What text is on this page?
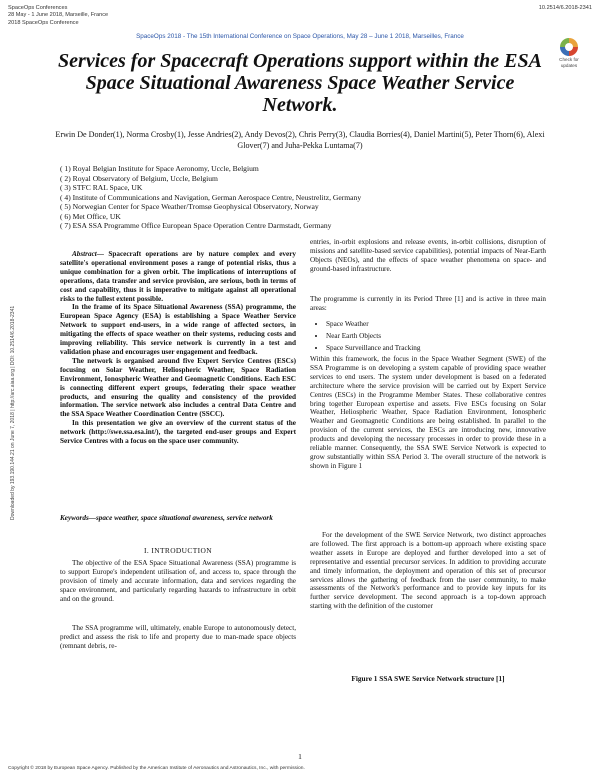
SpaceOps Conferences
28 May - 1 June 2018, Marseille, France
2018 SpaceOps Conference
10.2514/6.2018-2341
SpaceOps 2018 - The 15th International Conference on Space Operations, May 28 – June 1 2018, Marseilles, France
Check for
updates
Downloaded by 193.190.144.21 on June 7, 2018 | http://arc.aiaa.org | DOI: 10.2514/6.2018-2341
Services for Spacecraft Operations support within the ESA Space Situational Awareness Space Weather Service Network.
Erwin De Donder(1), Norma Crosby(1), Jesse Andries(2), Andy Devos(2), Chris Perry(3), Claudia Borries(4), Daniel Martini(5), Peter Thorn(6), Alexi Glover(7) and Juha-Pekka Luntama(7)
( 1) Royal Belgian Institute for Space Aeronomy, Uccle, Belgium
( 2) Royal Observatory of Belgium, Uccle, Belgium
( 3) STFC RAL Space, UK
( 4) Institute of Communications and Navigation, German Aerospace Centre, Neustrelitz, Germany
( 5) Norwegian Center for Space Weather/Tromsø Geophysical Observatory, Norway
( 6) Met Office, UK
( 7) ESA SSA Programme Office European Space Operation Centre Darmstadt, Germany

Abstract— Spacecraft operations are by nature complex and every satellite's operational environment poses a range of potential risks, thus a unique combination for a given orbit. The implications of interruptions of operations, data transfer and service provision, are serious, both in terms of cost and capability, thus it is imperative to mitigate against all operational risks to the fullest extent possible.

In the frame of its Space Situational Awareness (SSA) programme, the European Space Agency (ESA) is establishing a Space Weather Service Network to support end-users, in a wide range of affected sectors, in mitigating the effects of space weather on their systems, reducing costs and improving reliability. This service network is currently in a test and validation phase and encourages user engagement and feedback.

The network is organised around five Expert Service Centres (ESCs) focusing on Solar Weather, Heliospheric Weather, Space Radiation Environment, Ionospheric Weather and Geomagnetic Conditions. Each ESC is connecting different expert groups, federating their space weather products, and ensuring the quality and consistency of the provided information. The service network also includes a central Data Centre and the SSA Space Weather Coordination Centre (SSCC).

In this presentation we give an overview of the current status of the network (http://swe.ssa.esa.int/), the targeted end-user groups and Expert Service Centres with a focus on the space user community.

Keywords—space weather, space situational awareness, service network
I. INTRODUCTION

The objective of the ESA Space Situational Awareness (SSA) programme is to support Europe's independent utilisation of, and access to, space through the provision of timely and accurate information, data and services regarding the space environment, and particularly regarding hazards to infrastructure in orbit and on the ground.

The SSA programme will, ultimately, enable Europe to autonomously detect, predict and assess the risk to life and property due to man-made space objects (remnant debris, re-

entries, in-orbit explosions and release events, in-orbit collisions, disruption of missions and satellite-based service capabilities), potential impacts of Near-Earth Objects (NEOs), and the effects of space weather phenomena on space- and ground-based infrastructure.

The programme is currently in its Period Three [1] and is active in three main areas:

• Space Weather
• Near Earth Objects
• Space Surveillance and Tracking

Within this framework, the focus in the Space Weather Segment (SWE) of the SSA Programme is on developing a system capable of providing space weather services to end users. The system under development is based on a federated architecture where the service provision will be carried out by Expert Service Centres (ESCs) in the Programme Member States. These collaborative centres bring together European expertise and assets. Five ESCs focusing on Solar Weather, Heliospheric Weather, Space Radiation Environment, Ionospheric Weather and Geomagnetic Conditions are being established. In parallel to the provision of the current services, the ESCs are introducing new, innovative products and developing the necessary processes in order to provide these in a reliable manner. Consequently, the SSA SWE Service Network is expected to grow substantially within SSA Period 3. The overall structure of the network is shown in Figure 1

For the development of the SWE Service Network, two distinct approaches are followed. The first approach is a bottom-up approach where existing space weather assets in Europe are deployed and further developed into a set of representative and essential precursor services. In addition to providing accurate and timely information, the deployment and operation of this set of precursor services allows the gathering of feedback from the user community, to make assessments of the Network's performance and to provide key inputs for its further service development. The second approach is a top-down approach starting with the definition of the customer

Figure 1 SSA SWE Service Network structure [1]
1
Copyright © 2018 by European Space Agency. Published by the American Institute of Aeronautics and Astronautics, Inc., with permission.
